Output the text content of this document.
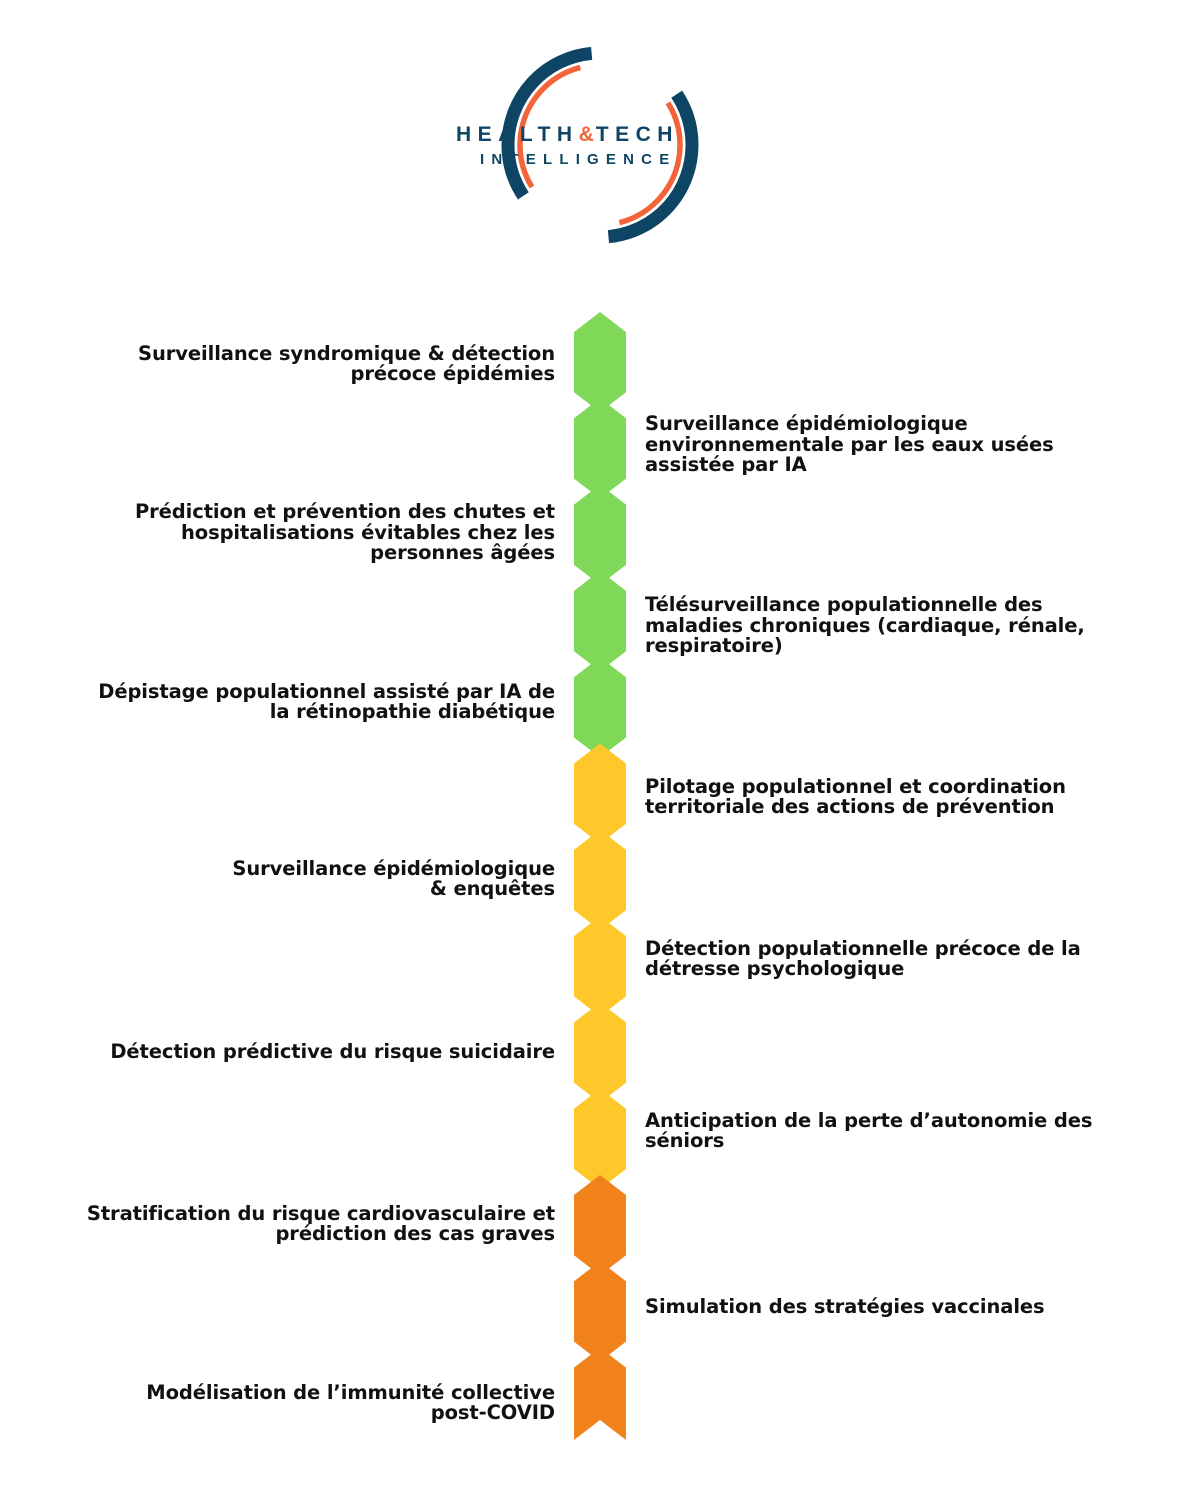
HEALTH&TECH
INTELLIGENCE
Surveillance syndromique & détection
précoce épidémies
Surveillance épidémiologique
environnementale par les eaux usées
assistée par IA
Prédiction et prévention des chutes et
hospitalisations évitables chez les
personnes âgées
Télésurveillance populationnelle des
maladies chroniques (cardiaque, rénale,
respiratoire)
Dépistage populationnel assisté par IA de
la rétinopathie diabétique
Pilotage populationnel et coordination
territoriale des actions de prévention
Surveillance épidémiologique
& enquêtes
Détection populationnelle précoce de la
détresse psychologique
Détection prédictive du risque suicidaire
Anticipation de la perte d’autonomie des
séniors
Stratification du risque cardiovasculaire et
prédiction des cas graves
Simulation des stratégies vaccinales
Modélisation de l’immunité collective
post-COVID
